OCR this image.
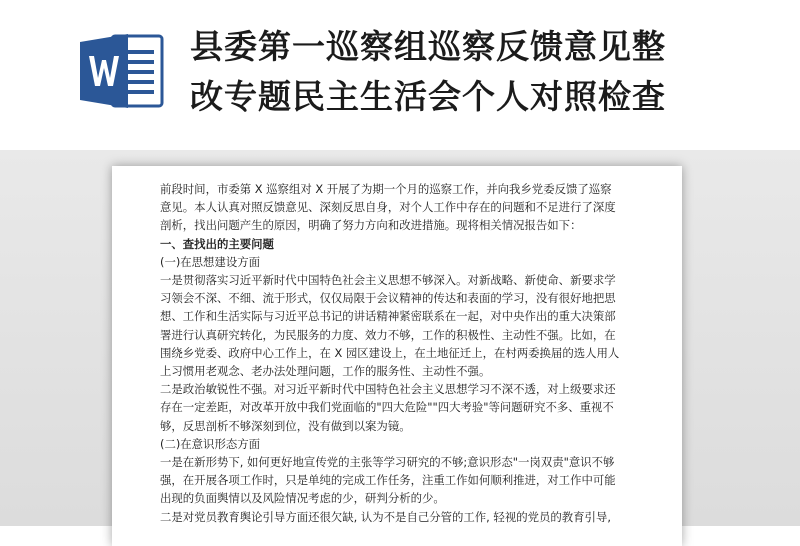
县委第一巡察组巡察反馈意见整
改专题民主生活会个人对照检查

前段时间，市委第 X 巡察组对 X 开展了为期一个月的巡察工作，并向我乡党委反馈了巡察

意见。本人认真对照反馈意见、深刻反思自身，对个人工作中存在的问题和不足进行了深度

剖析，找出问题产生的原因，明确了努力方向和改进措施。现将相关情况报告如下：

一、查找出的主要问题

(一)在思想建设方面

一是贯彻落实习近平新时代中国特色社会主义思想不够深入。对新战略、新使命、新要求学

习领会不深、不细、流于形式，仅仅局限于会议精神的传达和表面的学习，没有很好地把思

想、工作和生活实际与习近平总书记的讲话精神紧密联系在一起，对中央作出的重大决策部

署进行认真研究转化，为民服务的力度、效力不够，工作的积极性、主动性不强。比如，在

围绕乡党委、政府中心工作上，在 X 园区建设上，在土地征迁上，在村两委换届的选人用人

上习惯用老观念、老办法处理问题，工作的服务性、主动性不强。

二是政治敏锐性不强。对习近平新时代中国特色社会主义思想学习不深不透，对上级要求还

存在一定差距，对改革开放中我们党面临的"四大危险""四大考验"等问题研究不多、重视不

够，反思剖析不够深刻到位，没有做到以案为镜。

(二)在意识形态方面

一是在新形势下, 如何更好地宣传党的主张等学习研究的不够;意识形态"一岗双责"意识不够

强，在开展各项工作时，只是单纯的完成工作任务，注重工作如何顺利推进，对工作中可能

出现的负面舆情以及风险情况考虑的少，研判分析的少。

二是对党员教育舆论引导方面还很欠缺, 认为不是自己分管的工作, 轻视的党员的教育引导,
